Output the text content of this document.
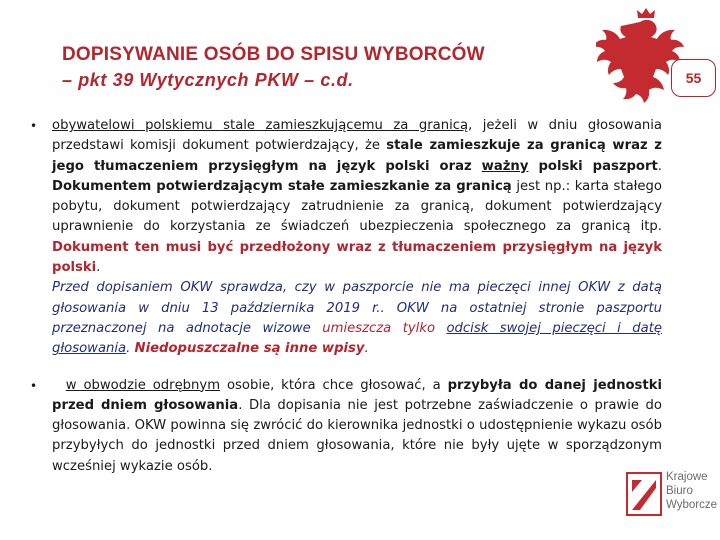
DOPISYWANIE OSÓB DO SPISU WYBORCÓW
– pkt 39 Wytycznych PKW – c.d.	55
•	obywatelowi polskiemu stale zamieszkującemu za granicą, jeżeli w dniu głosowania przedstawi komisji dokument potwierdzający, że stale zamieszkuje za granicą wraz z jego tłumaczeniem przysięgłym na język polski oraz ważny polski paszport. Dokumentem potwierdzającym stałe zamieszkanie za granicą jest np.: karta stałego pobytu, dokument potwierdzający zatrudnienie za granicą, dokument potwierdzający uprawnienie do korzystania ze świadczeń ubezpieczenia społecznego za granicą itp. Dokument ten musi być przedłożony wraz z tłumaczeniem przysięgłym na język polski.
Przed dopisaniem OKW sprawdza, czy w paszporcie nie ma pieczęci innej OKW z datą głosowania w dniu 13 października 2019 r.. OKW na ostatniej stronie paszportu przeznaczonej na adnotacje wizowe umieszcza tylko odcisk swojej pieczęci i datę głosowania. Niedopuszczalne są inne wpisy.
•	w obwodzie odrębnym osobie, która chce głosować, a przybyła do danej jednostki przed dniem głosowania. Dla dopisania nie jest potrzebne zaświadczenie o prawie do głosowania. OKW powinna się zwrócić do kierownika jednostki o udostępnienie wykazu osób przybyłych do jednostki przed dniem głosowania, które nie były ujęte w sporządzonym wcześniej wykazie osób.
Krajowe
Biuro
Wyborcze
